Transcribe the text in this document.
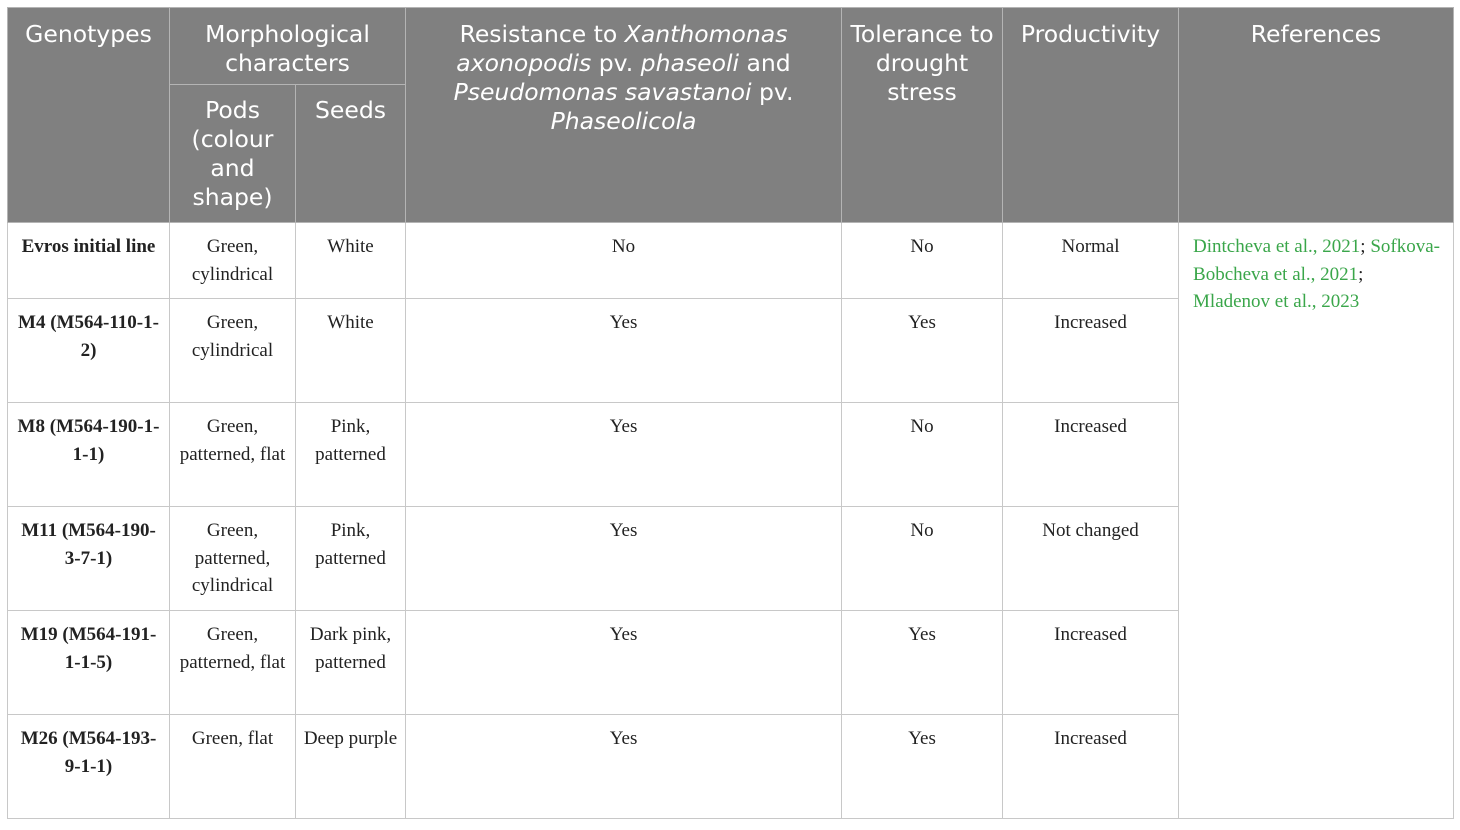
Genotypes	Morphological characters		Resistance to Xanthomonas axonopodis pv. phaseoli and Pseudomonas savastanoi pv. Phaseolicola	Tolerance to drought stress	Productivity	References
	Pods (colour and shape)	Seeds				
Evros initial line	Green, cylindrical	White	No	No	Normal	Dintcheva et al., 2021; Sofkova-Bobcheva et al., 2021; Mladenov et al., 2023
M4 (M564-110-1-2)	Green, cylindrical	White	Yes	Yes	Increased	
M8 (M564-190-1-1-1)	Green, patterned, flat	Pink, patterned	Yes	No	Increased	
M11 (M564-190-3-7-1)	Green, patterned, cylindrical	Pink, patterned	Yes	No	Not changed	
M19 (M564-191-1-1-5)	Green, patterned, flat	Dark pink, patterned	Yes	Yes	Increased	
M26 (M564-193-9-1-1)	Green, flat	Deep purple	Yes	Yes	Increased	
